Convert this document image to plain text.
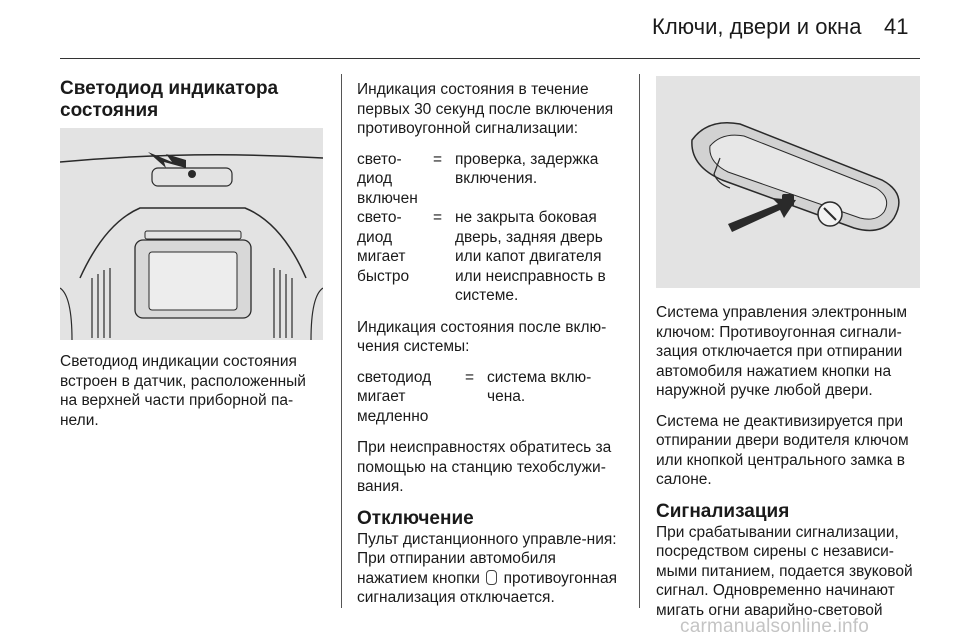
Ключи, двери и окна 41
Светодиод индикатора
состояния

Светодиод индикации состояния встроен в датчик, расположенный на верхней части приборной па-нели.

Индикация состояния в течение первых 30 секунд после включения противоугонной сигнализации:

свето-диод включен	=	проверка, задержка включения.
свето-диод мигает быстро	=	не закрыта боковая дверь, задняя дверь или капот двигателя или неисправность в системе.

Индикация состояния после вклю-чения системы:

светодиод мигает медленно	=	система вклю-чена.

При неисправностях обратитесь за помощью на станцию техобслужи-вания.

Отключение

Пульт дистанционного управле-ния: При отпирании автомобиля нажатием кнопки противоугонная сигнализация отключается.

Система управления электронным ключом: Противоугонная сигнали-зация отключается при отпирании автомобиля нажатием кнопки на наружной ручке любой двери.

Система не деактивизируется при отпирании двери водителя ключом или кнопкой центрального замка в салоне.

Сигнализация

При срабатывании сигнализации, посредством сирены с независи-мыми питанием, подается звуковой сигнал. Одновременно начинают мигать огни аварийно-световой

carmanualsonline.info
